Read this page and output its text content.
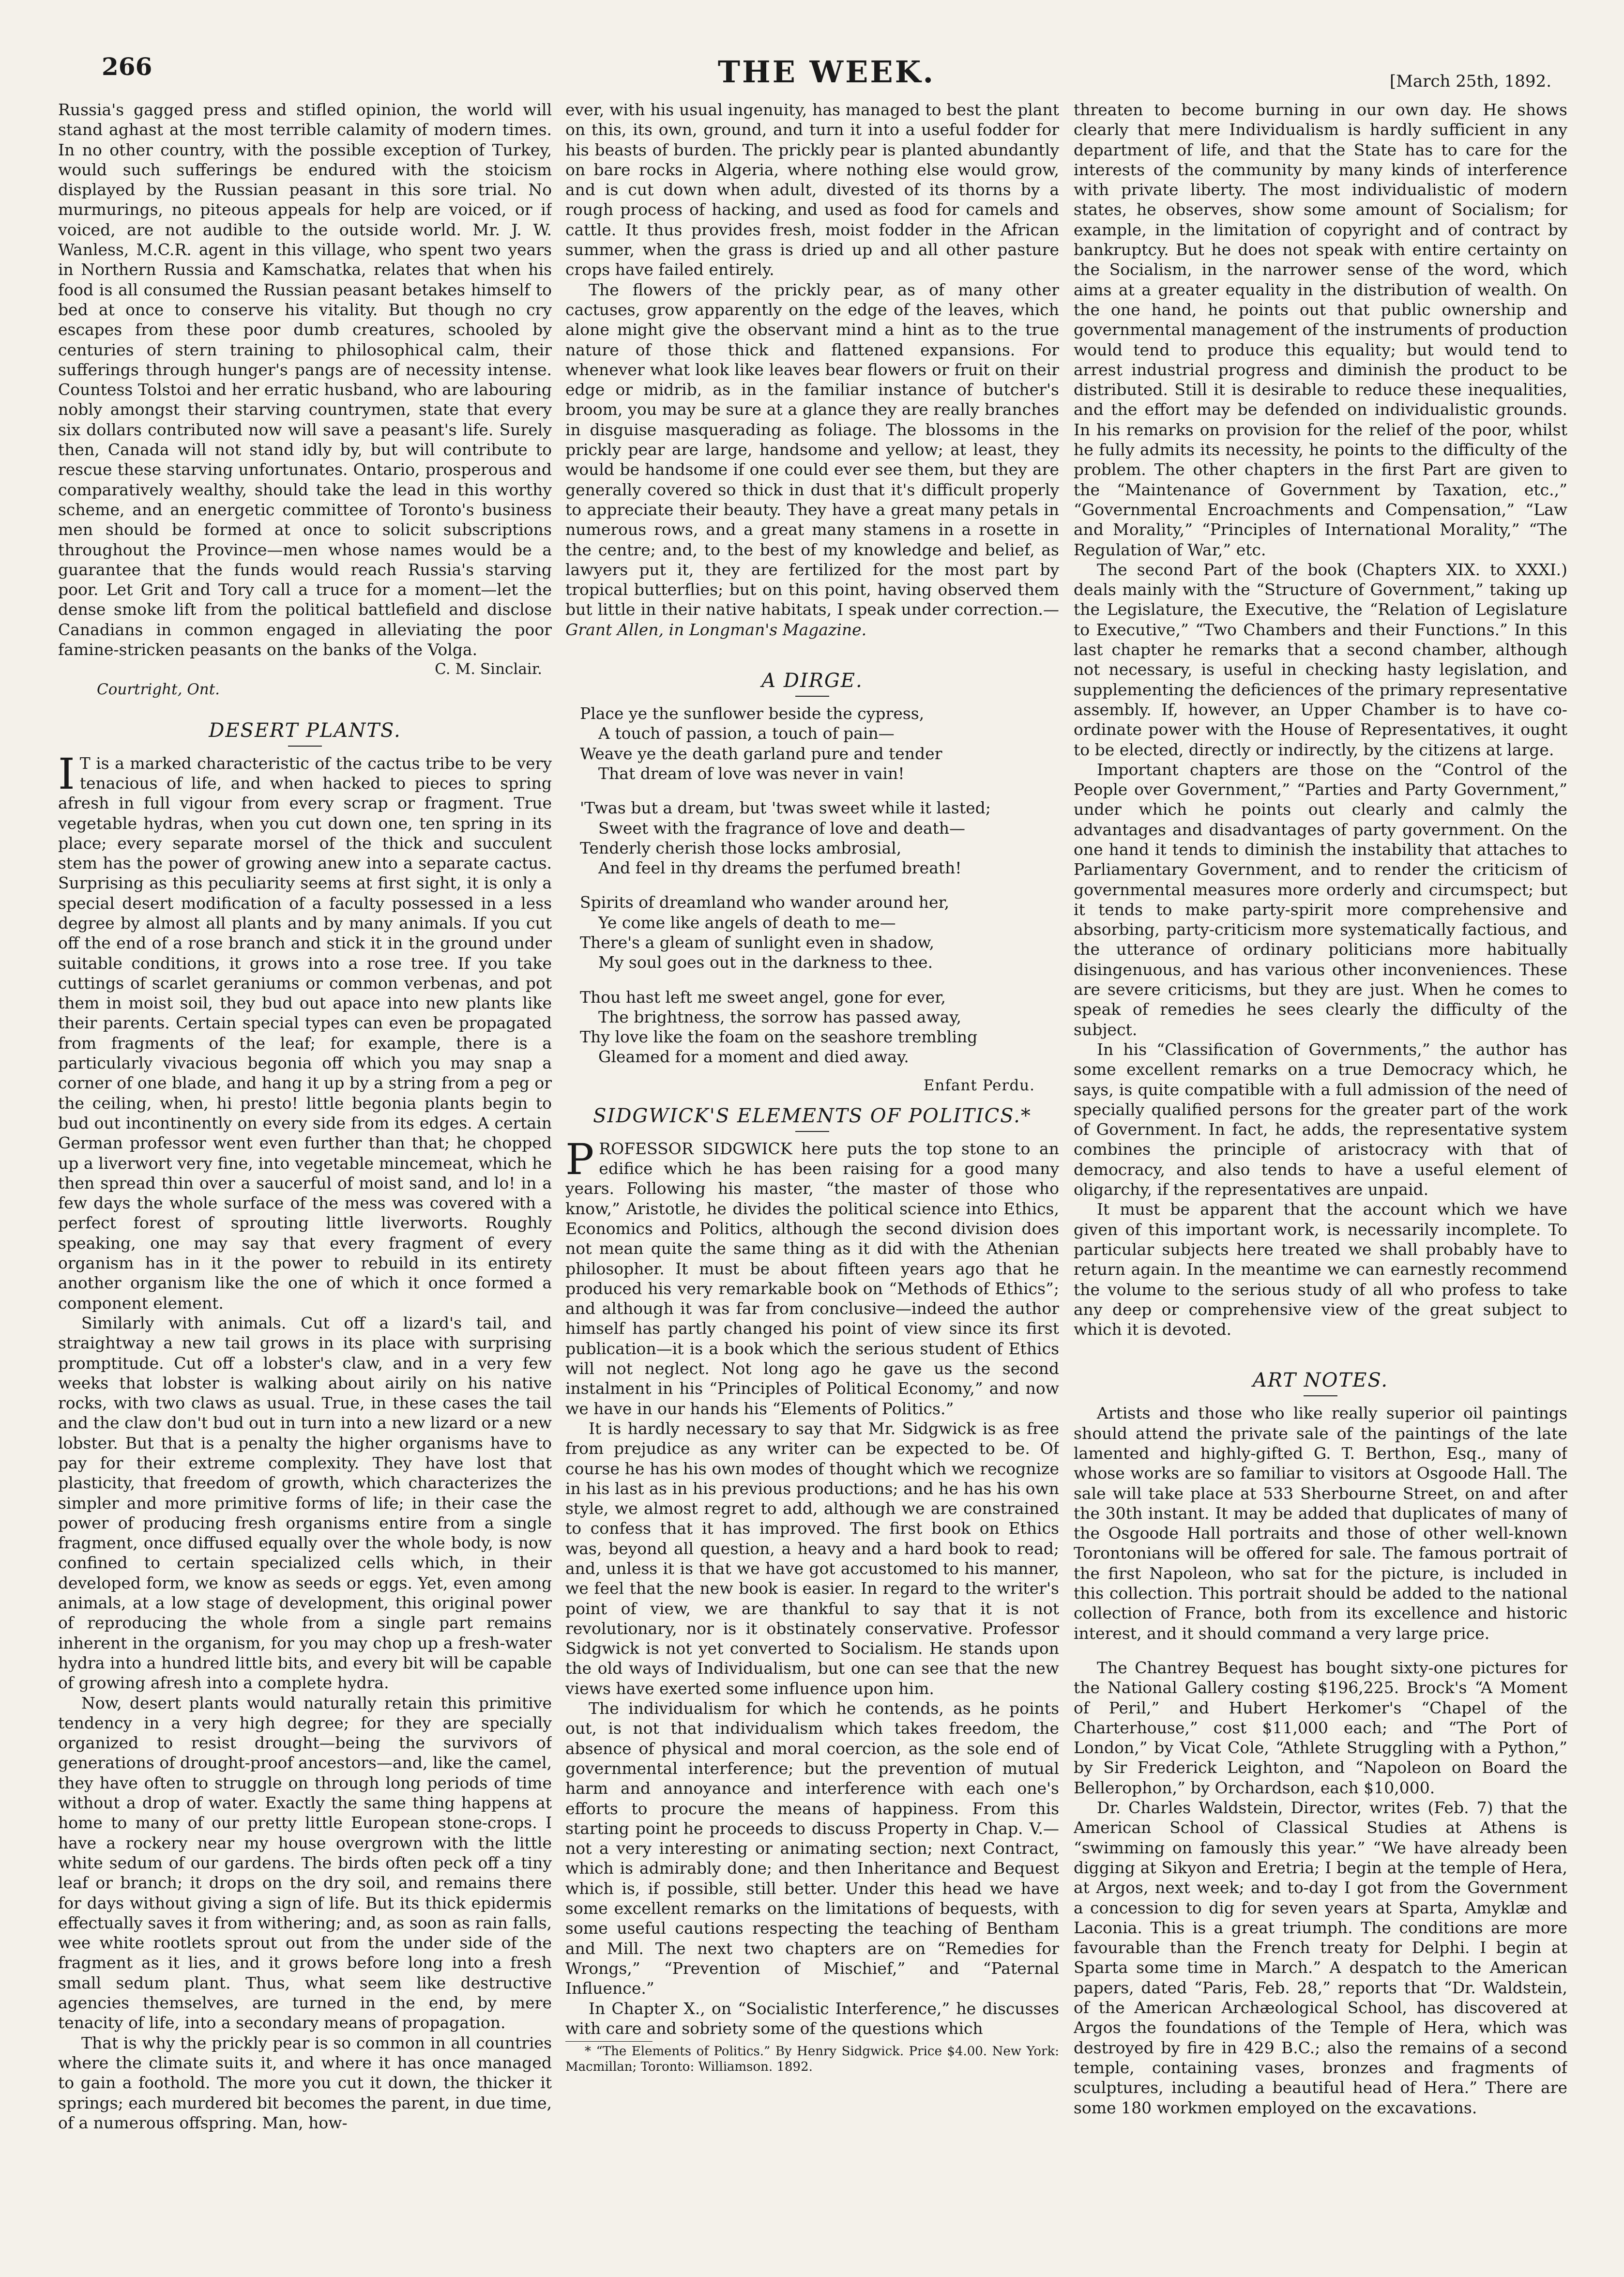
266	THE WEEK.	[March 25th, 1892.

Russia's gagged press and stifled opinion, the world will stand aghast at the most terrible calamity of modern times. In no other country, with the possible exception of Turkey, would such sufferings be endured with the stoicism displayed by the Russian peasant in this sore trial. No murmurings, no piteous appeals for help are voiced, or if voiced, are not audible to the outside world. Mr. J. W. Wanless, M.C.R. agent in this village, who spent two years in Northern Russia and Kamschatka, relates that when his food is all consumed the Russian peasant betakes himself to bed at once to conserve his vitality. But though no cry escapes from these poor dumb creatures, schooled by centuries of stern training to philosophical calm, their sufferings through hunger's pangs are of necessity intense. Countess Tolstoi and her erratic husband, who are labouring nobly amongst their starving countrymen, state that every six dollars contributed now will save a peasant's life. Surely then, Canada will not stand idly by, but will contribute to rescue these starving unfortunates. Ontario, prosperous and comparatively wealthy, should take the lead in this worthy scheme, and an energetic committee of Toronto's business men should be formed at once to solicit subscriptions throughout the Province—men whose names would be a guarantee that the funds would reach Russia's starving poor. Let Grit and Tory call a truce for a moment—let the dense smoke lift from the political battlefield and disclose Canadians in common engaged in alleviating the poor famine-stricken peasants on the banks of the Volga.

C. M. Sinclair.
Courtright, Ont.
DESERT PLANTS.

I T is a marked characteristic of the cactus tribe to be very tenacious of life, and when hacked to pieces to spring afresh in full vigour from every scrap or fragment. True vegetable hydras, when you cut down one, ten spring in its place; every separate morsel of the thick and succulent stem has the power of growing anew into a separate cactus. Surprising as this peculiarity seems at first sight, it is only a special desert modification of a faculty possessed in a less degree by almost all plants and by many animals. If you cut off the end of a rose branch and stick it in the ground under suitable conditions, it grows into a rose tree. If you take cuttings of scarlet geraniums or common verbenas, and pot them in moist soil, they bud out apace into new plants like their parents. Certain special types can even be propagated from fragments of the leaf; for example, there is a particularly vivacious begonia off which you may snap a corner of one blade, and hang it up by a string from a peg or the ceiling, when, hi presto! little begonia plants begin to bud out incontinently on every side from its edges. A certain German professor went even further than that; he chopped up a liverwort very fine, into vegetable mincemeat, which he then spread thin over a saucerful of moist sand, and lo! in a few days the whole surface of the mess was covered with a perfect forest of sprouting little liverworts. Roughly speaking, one may say that every fragment of every organism has in it the power to rebuild in its entirety another organism like the one of which it once formed a component element.

Similarly with animals. Cut off a lizard's tail, and straightway a new tail grows in its place with surprising promptitude. Cut off a lobster's claw, and in a very few weeks that lobster is walking about airily on his native rocks, with two claws as usual. True, in these cases the tail and the claw don't bud out in turn into a new lizard or a new lobster. But that is a penalty the higher organisms have to pay for their extreme complexity. They have lost that plasticity, that freedom of growth, which characterizes the simpler and more primitive forms of life; in their case the power of producing fresh organisms entire from a single fragment, once diffused equally over the whole body, is now confined to certain specialized cells which, in their developed form, we know as seeds or eggs. Yet, even among animals, at a low stage of development, this original power of reproducing the whole from a single part remains inherent in the organism, for you may chop up a fresh-water hydra into a hundred little bits, and every bit will be capable of growing afresh into a complete hydra.

Now, desert plants would naturally retain this primitive tendency in a very high degree; for they are specially organized to resist drought—being the survivors of generations of drought-proof ancestors—and, like the camel, they have often to struggle on through long periods of time without a drop of water. Exactly the same thing happens at home to many of our pretty little European stone-crops. I have a rockery near my house overgrown with the little white sedum of our gardens. The birds often peck off a tiny leaf or branch; it drops on the dry soil, and remains there for days without giving a sign of life. But its thick epidermis effectually saves it from withering; and, as soon as rain falls, wee white rootlets sprout out from the under side of the fragment as it lies, and it grows before long into a fresh small sedum plant. Thus, what seem like destructive agencies themselves, are turned in the end, by mere tenacity of life, into a secondary means of propagation.

That is why the prickly pear is so common in all countries where the climate suits it, and where it has once managed to gain a foothold. The more you cut it down, the thicker it springs; each murdered bit becomes the parent, in due time, of a numerous offspring. Man, how-

ever, with his usual ingenuity, has managed to best the plant on this, its own, ground, and turn it into a useful fodder for his beasts of burden. The prickly pear is planted abundantly on bare rocks in Algeria, where nothing else would grow, and is cut down when adult, divested of its thorns by a rough process of hacking, and used as food for camels and cattle. It thus provides fresh, moist fodder in the African summer, when the grass is dried up and all other pasture crops have failed entirely.

The flowers of the prickly pear, as of many other cactuses, grow apparently on the edge of the leaves, which alone might give the observant mind a hint as to the true nature of those thick and flattened expansions. For whenever what look like leaves bear flowers or fruit on their edge or midrib, as in the familiar instance of butcher's broom, you may be sure at a glance they are really branches in disguise masquerading as foliage. The blossoms in the prickly pear are large, handsome and yellow; at least, they would be handsome if one could ever see them, but they are generally covered so thick in dust that it's difficult properly to appreciate their beauty. They have a great many petals in numerous rows, and a great many stamens in a rosette in the centre; and, to the best of my knowledge and belief, as lawyers put it, they are fertilized for the most part by tropical butterflies; but on this point, having observed them but little in their native habitats, I speak under correction.—Grant Allen, in Longman's Magazine.

A DIRGE.
Place ye the sunflower beside the cypress,
A touch of passion, a touch of pain—
Weave ye the death garland pure and tender
That dream of love was never in vain!
'Twas but a dream, but 'twas sweet while it lasted;
Sweet with the fragrance of love and death—
Tenderly cherish those locks ambrosial,
And feel in thy dreams the perfumed breath!
Spirits of dreamland who wander around her,
Ye come like angels of death to me—
There's a gleam of sunlight even in shadow,
My soul goes out in the darkness to thee.
Thou hast left me sweet angel, gone for ever,
The brightness, the sorrow has passed away,
Thy love like the foam on the seashore trembling
Gleamed for a moment and died away.
Enfant Perdu.
SIDGWICK'S ELEMENTS OF POLITICS.*

PROFESSOR SIDGWICK here puts the top stone to an edifice which he has been raising for a good many years. Following his master, “the master of those who know,” Aristotle, he divides the political science into Ethics, Economics and Politics, although the second division does not mean quite the same thing as it did with the Athenian philosopher. It must be about fifteen years ago that he produced his very remarkable book on “Methods of Ethics”; and although it was far from conclusive—indeed the author himself has partly changed his point of view since its first publication—it is a book which the serious student of Ethics will not neglect. Not long ago he gave us the second instalment in his “Principles of Political Economy,” and now we have in our hands his “Elements of Politics.”

It is hardly necessary to say that Mr. Sidgwick is as free from prejudice as any writer can be expected to be. Of course he has his own modes of thought which we recognize in his last as in his previous productions; and he has his own style, we almost regret to add, although we are constrained to confess that it has improved. The first book on Ethics was, beyond all question, a heavy and a hard book to read; and, unless it is that we have got accustomed to his manner, we feel that the new book is easier. In regard to the writer's point of view, we are thankful to say that it is not revolutionary, nor is it obstinately conservative. Professor Sidgwick is not yet converted to Socialism. He stands upon the old ways of Individualism, but one can see that the new views have exerted some influence upon him.

The individualism for which he contends, as he points out, is not that individualism which takes freedom, the absence of physical and moral coercion, as the sole end of governmental interference; but the prevention of mutual harm and annoyance and interference with each one's efforts to procure the means of happiness. From this starting point he proceeds to discuss Property in Chap. V.—not a very interesting or animating section; next Contract, which is admirably done; and then Inheritance and Bequest which is, if possible, still better. Under this head we have some excellent remarks on the limitations of bequests, with some useful cautions respecting the teaching of Bentham and Mill. The next two chapters are on “Remedies for Wrongs,” “Prevention of Mischief,” and “Paternal Influence.”

In Chapter X., on “Socialistic Interference,” he discusses with care and sobriety some of the questions which

* “The Elements of Politics.” By Henry Sidgwick. Price $4.00. New York: Macmillan; Toronto: Williamson. 1892.

threaten to become burning in our own day. He shows clearly that mere Individualism is hardly sufficient in any department of life, and that the State has to care for the interests of the community by many kinds of interference with private liberty. The most individualistic of modern states, he observes, show some amount of Socialism; for example, in the limitation of copyright and of contract by bankruptcy. But he does not speak with entire certainty on the Socialism, in the narrower sense of the word, which aims at a greater equality in the distribution of wealth. On the one hand, he points out that public ownership and governmental management of the instruments of production would tend to produce this equality; but would tend to arrest industrial progress and diminish the product to be distributed. Still it is desirable to reduce these inequalities, and the effort may be defended on individualistic grounds. In his remarks on provision for the relief of the poor, whilst he fully admits its necessity, he points to the difficulty of the problem. The other chapters in the first Part are given to the “Maintenance of Government by Taxation, etc.,” “Governmental Encroachments and Compensation,” “Law and Morality,” “Principles of International Morality,” “The Regulation of War,” etc.

The second Part of the book (Chapters XIX. to XXXI.) deals mainly with the “Structure of Government,” taking up the Legislature, the Executive, the “Relation of Legislature to Executive,” “Two Chambers and their Functions.” In this last chapter he remarks that a second chamber, although not necessary, is useful in checking hasty legislation, and supplementing the deficiences of the primary representative assembly. If, however, an Upper Chamber is to have co-ordinate power with the House of Representatives, it ought to be elected, directly or indirectly, by the citizens at large.

Important chapters are those on the “Control of the People over Government,” “Parties and Party Government,” under which he points out clearly and calmly the advantages and disadvantages of party government. On the one hand it tends to diminish the instability that attaches to Parliamentary Government, and to render the criticism of governmental measures more orderly and circumspect; but it tends to make party-spirit more comprehensive and absorbing, party-criticism more systematically factious, and the utterance of ordinary politicians more habitually disingenuous, and has various other inconveniences. These are severe criticisms, but they are just. When he comes to speak of remedies he sees clearly the difficulty of the subject.

In his “Classification of Governments,” the author has some excellent remarks on a true Democracy which, he says, is quite compatible with a full admission of the need of specially qualified persons for the greater part of the work of Government. In fact, he adds, the representative system combines the principle of aristocracy with that of democracy, and also tends to have a useful element of oligarchy, if the representatives are unpaid.

It must be apparent that the account which we have given of this important work, is necessarily incomplete. To particular subjects here treated we shall probably have to return again. In the meantime we can earnestly recommend the volume to the serious study of all who profess to take any deep or comprehensive view of the great subject to which it is devoted.

ART NOTES.

Artists and those who like really superior oil paintings should attend the private sale of the paintings of the late lamented and highly-gifted G. T. Berthon, Esq., many of whose works are so familiar to visitors at Osgoode Hall. The sale will take place at 533 Sherbourne Street, on and after the 30th instant. It may be added that duplicates of many of the Osgoode Hall portraits and those of other well-known Torontonians will be offered for sale. The famous portrait of the first Napoleon, who sat for the picture, is included in this collection. This portrait should be added to the national collection of France, both from its excellence and historic interest, and it should command a very large price.

The Chantrey Bequest has bought sixty-one pictures for the National Gallery costing $196,225. Brock's “A Moment of Peril,” and Hubert Herkomer's “Chapel of the Charterhouse,” cost $11,000 each; and “The Port of London,” by Vicat Cole, “Athlete Struggling with a Python,” by Sir Frederick Leighton, and “Napoleon on Board the Bellerophon,” by Orchardson, each $10,000.

Dr. Charles Waldstein, Director, writes (Feb. 7) that the American School of Classical Studies at Athens is “swimming on famously this year.” “We have already been digging at Sikyon and Eretria; I begin at the temple of Hera, at Argos, next week; and to-day I got from the Government a concession to dig for seven years at Sparta, Amyklæ and Laconia. This is a great triumph. The conditions are more favourable than the French treaty for Delphi. I begin at Sparta some time in March.” A despatch to the American papers, dated “Paris, Feb. 28,” reports that “Dr. Waldstein, of the American Archæological School, has discovered at Argos the foundations of the Temple of Hera, which was destroyed by fire in 429 B.C.; also the remains of a second temple, containing vases, bronzes and fragments of sculptures, including a beautiful head of Hera.” There are some 180 workmen employed on the excavations.
